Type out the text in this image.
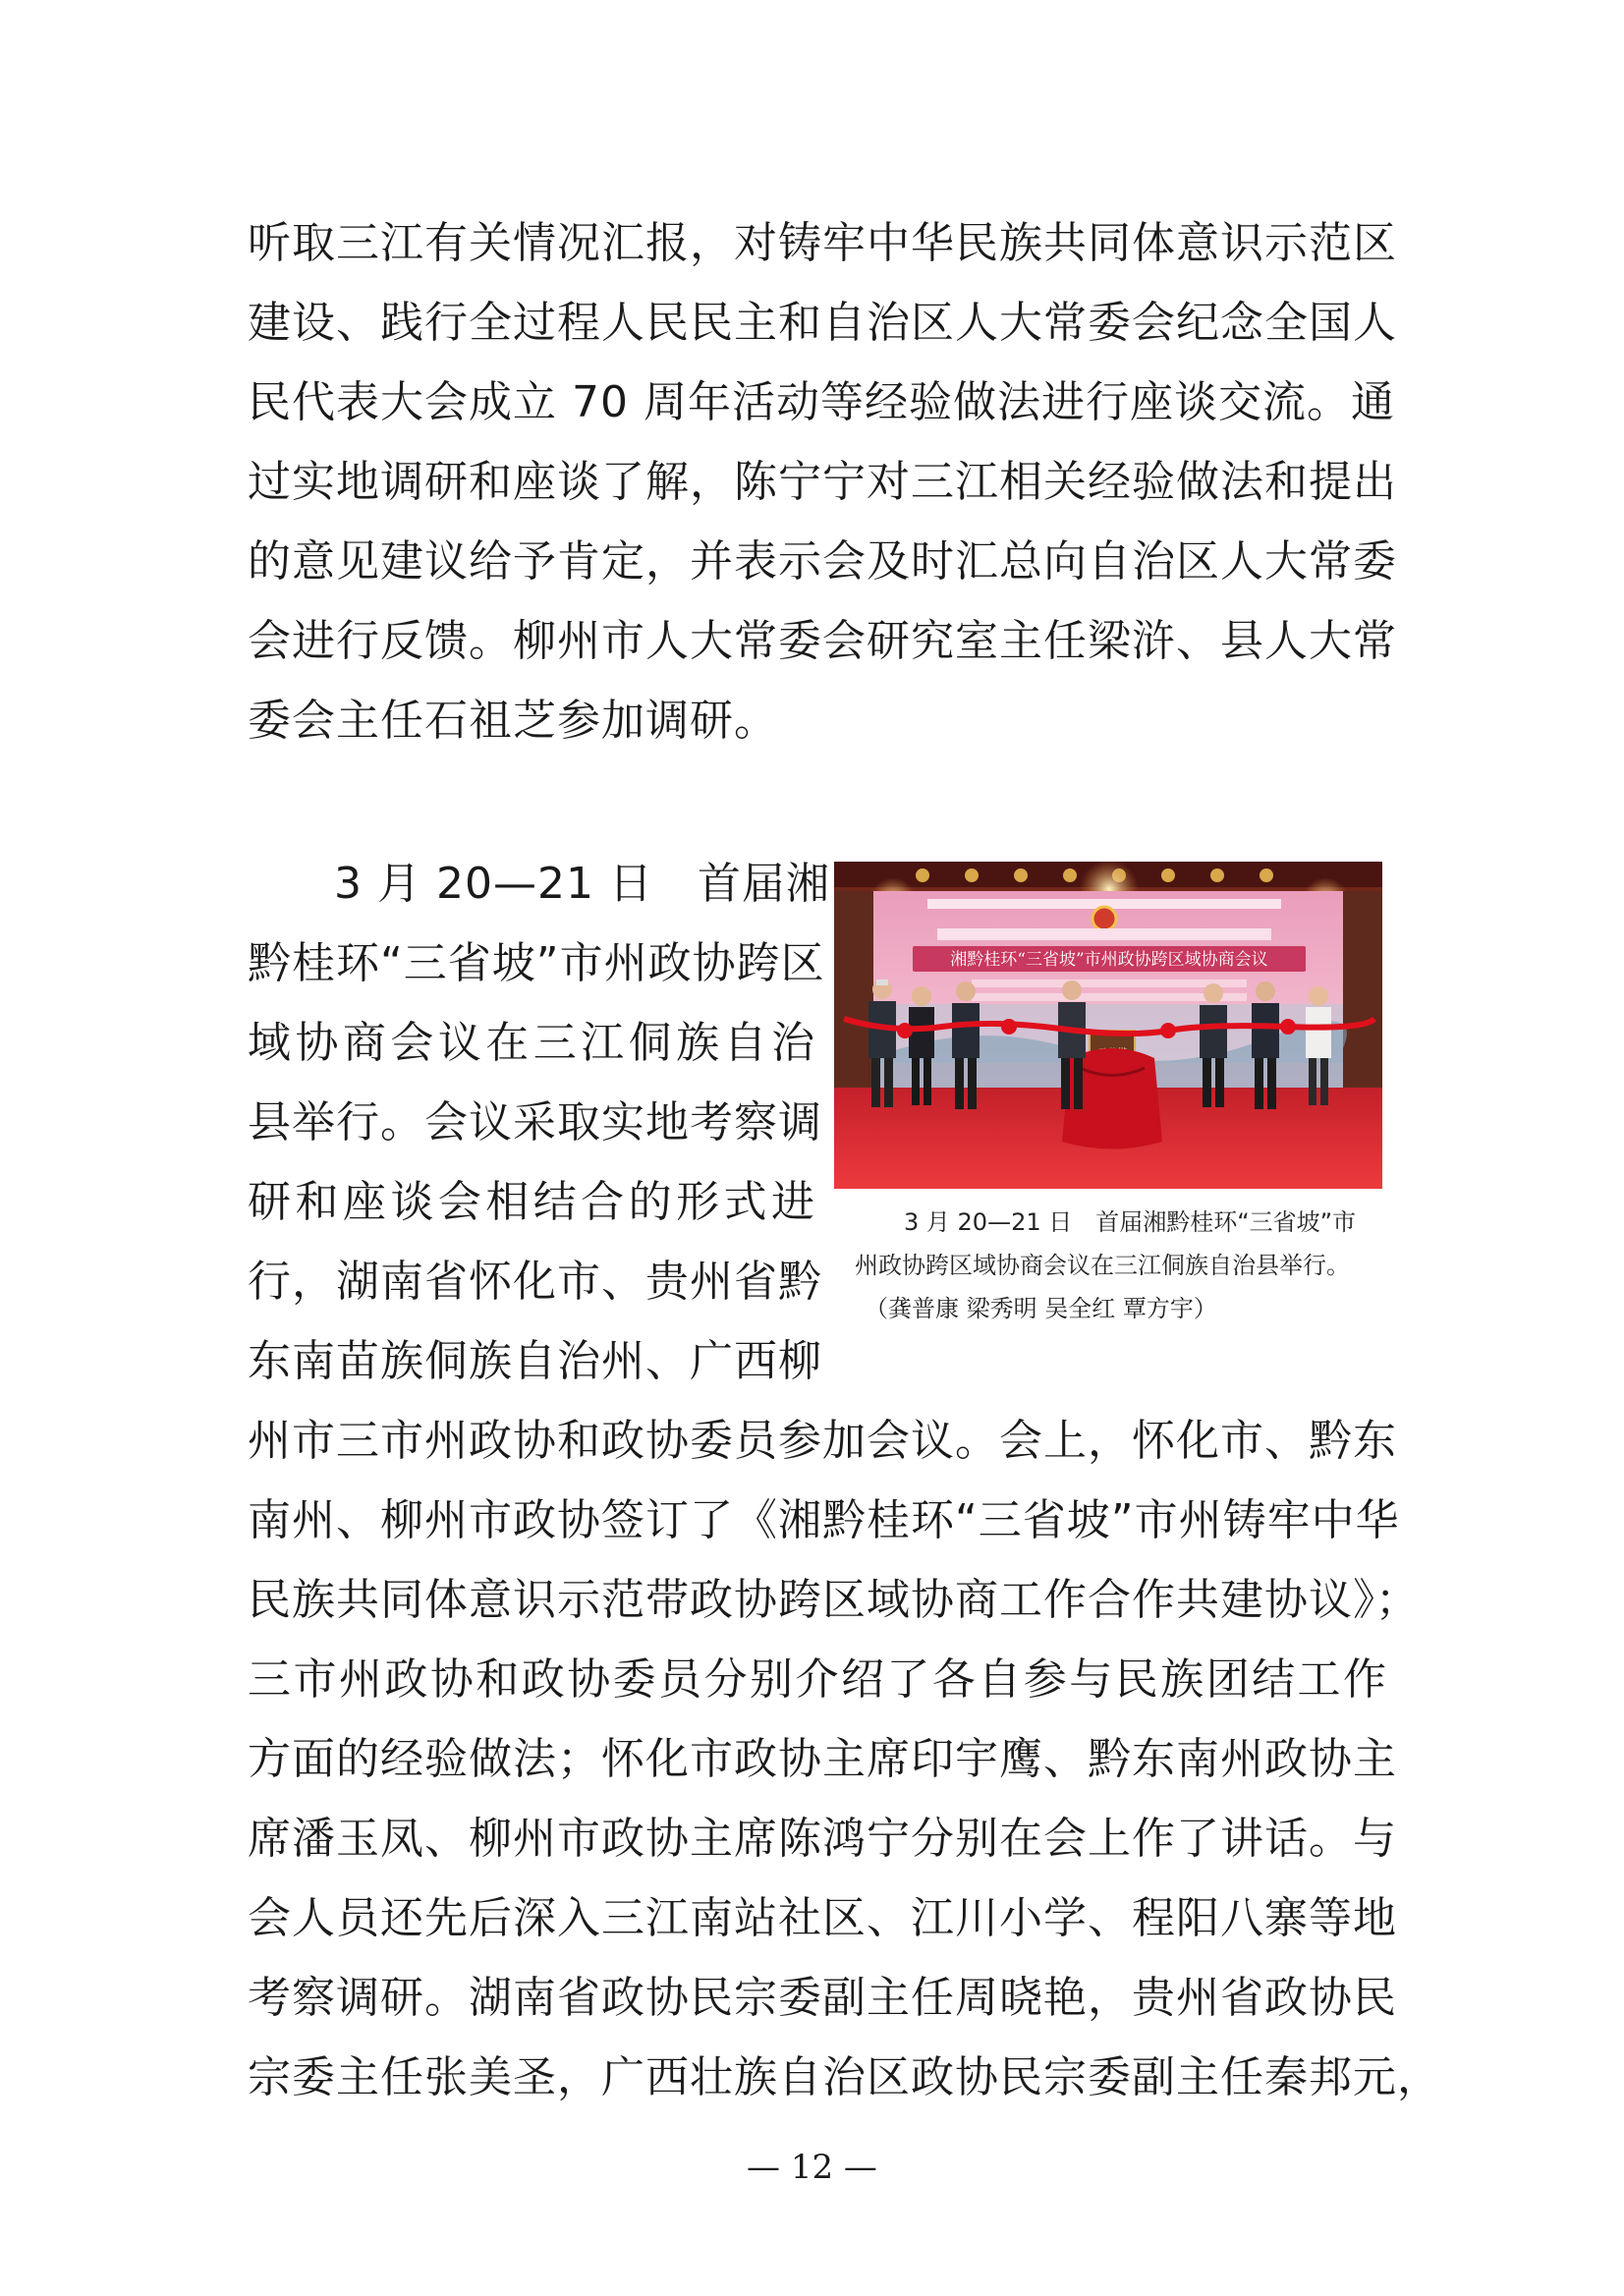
听取三江有关情况汇报，对铸牢中华民族共同体意识示范区
建设、践行全过程人民民主和自治区人大常委会纪念全国人
民代表大会成立 70 周年活动等经验做法进行座谈交流。通
过实地调研和座谈了解，陈宁宁对三江相关经验做法和提出
的意见建议给予肯定，并表示会及时汇总向自治区人大常委
会进行反馈。柳州市人大常委会研究室主任梁浒、县人大常
委会主任石祖芝参加调研。
3 月 20—21 日　首届湘
黔桂环“三省坡”市州政协跨区
域协商会议在三江侗族自治
县举行。会议采取实地考察调
研和座谈会相结合的形式进
行，湖南省怀化市、贵州省黔
东南苗族侗族自治州、广西柳
州市三市州政协和政协委员参加会议。会上，怀化市、黔东
南州、柳州市政协签订了《湘黔桂环“三省坡”市州铸牢中华
民族共同体意识示范带政协跨区域协商工作合作共建协议》；
三市州政协和政协委员分别介绍了各自参与民族团结工作
方面的经验做法；怀化市政协主席印宇鹰、黔东南州政协主
席潘玉凤、柳州市政协主席陈鸿宁分别在会上作了讲话。与
会人员还先后深入三江南站社区、江川小学、程阳八寨等地
考察调研。湖南省政协民宗委副主任周晓艳，贵州省政协民
宗委主任张美圣，广西壮族自治区政协民宗委副主任秦邦元，
湘黔桂环“三省坡”市州政协跨区域协商会议
3 月 20—21 日　首届湘黔桂环“三省坡”市
州政协跨区域协商会议在三江侗族自治县举行。
（龚普康 梁秀明 吴全红 覃方宇）
— 12 —
